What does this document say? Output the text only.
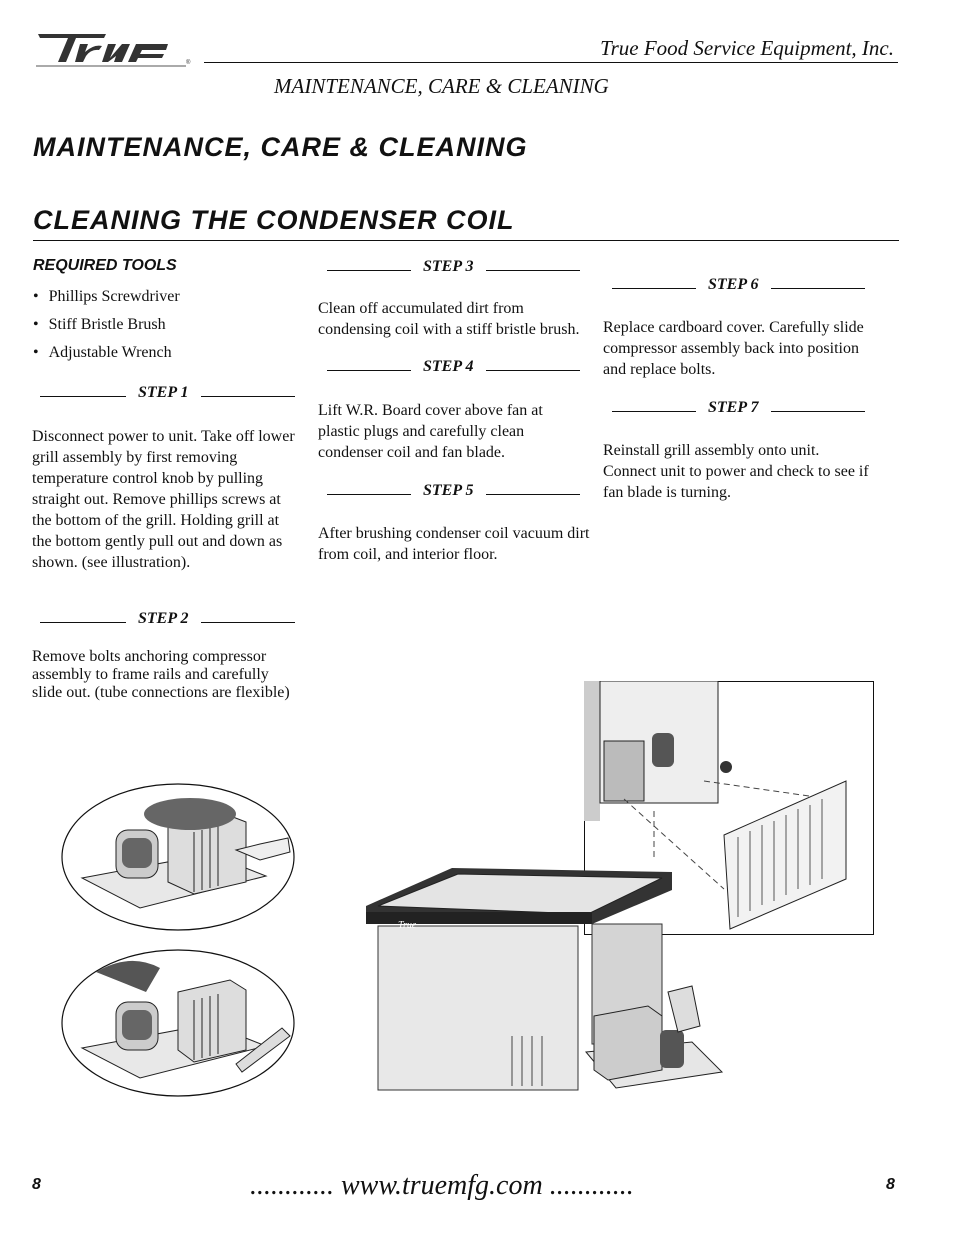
®
True Food Service Equipment, Inc.
MAINTENANCE, CARE & CLEANING
MAINTENANCE, CARE & CLEANING
CLEANING THE CONDENSER COIL
REQUIRED TOOLS
• Phillips Screwdriver
• Stiff Bristle Brush
• Adjustable Wrench
STEP 1
Disconnect power to unit. Take off lower grill assembly by first removing temperature control knob by pulling straight out. Remove phillips screws at the bottom of the grill. Holding grill at the bottom gently pull out and down as shown. (see illustration).
STEP 2
Remove bolts anchoring compressor assembly to frame rails and carefully slide out. (tube connections are flexible)
STEP 3
Clean off accumulated dirt from condensing coil with a stiff bristle brush.
STEP 4
Lift W.R. Board cover above fan at plastic plugs and carefully clean condenser coil and fan blade.
STEP 5
After brushing condenser coil vacuum dirt from coil, and interior floor.
STEP 6
Replace cardboard cover. Carefully slide compressor assembly back into position and replace bolts.
STEP 7
Reinstall grill assembly onto unit. Connect unit to power and check to see if fan blade is turning.
True
8	............ www.truemfg.com ............	8
